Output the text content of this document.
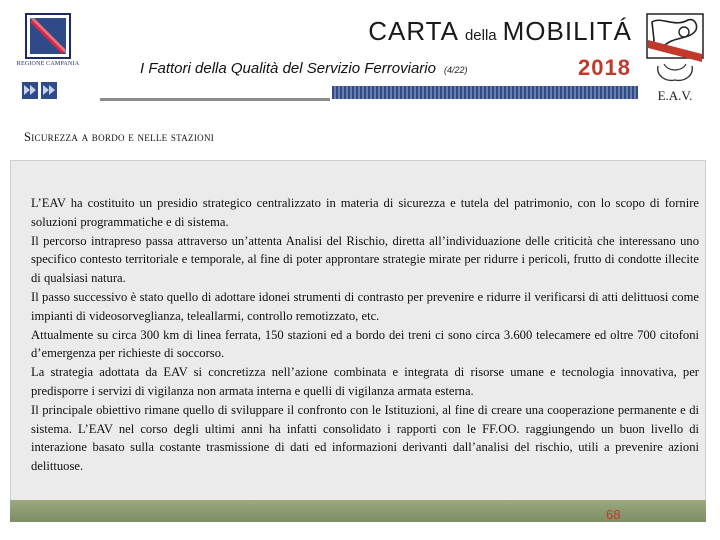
REGIONE CAMPANIA
CARTA della MOBILITÁ
I Fattori della Qualità del Servizio Ferroviario (4/22)	2018
E.A.V.
Sicurezza a bordo e nelle stazioni

L’EAV ha costituito un presidio strategico centralizzato in materia di sicurezza e tutela del patrimonio, con lo scopo di fornire soluzioni programmatiche e di sistema.

Il percorso intrapreso passa attraverso un’attenta Analisi del Rischio, diretta all’individuazione delle criticità che interessano uno specifico contesto territoriale e temporale, al fine di poter approntare strategie mirate per ridurre i pericoli, frutto di condotte illecite di qualsiasi natura.

Il passo successivo è stato quello di adottare idonei strumenti di contrasto per prevenire e ridurre il verificarsi di atti delittuosi come impianti di videosorveglianza, teleallarmi, controllo remotizzato, etc.

Attualmente su circa 300 km di linea ferrata, 150 stazioni ed a bordo dei treni ci sono circa 3.600 telecamere ed oltre 700 citofoni d’emergenza per richieste di soccorso.

La strategia adottata da EAV si concretizza nell’azione combinata e integrata di risorse umane e tecnologia innovativa, per predisporre i servizi di vigilanza non armata interna e quelli di vigilanza armata esterna.

Il principale obiettivo rimane quello di sviluppare il confronto con le Istituzioni, al fine di creare una cooperazione permanente e di sistema. L’EAV nel corso degli ultimi anni ha infatti consolidato i rapporti con le FF.OO. raggiungendo un buon livello di interazione basato sulla costante trasmissione di dati ed informazioni derivanti dall’analisi del rischio, utili a prevenire azioni delittuose.

68
